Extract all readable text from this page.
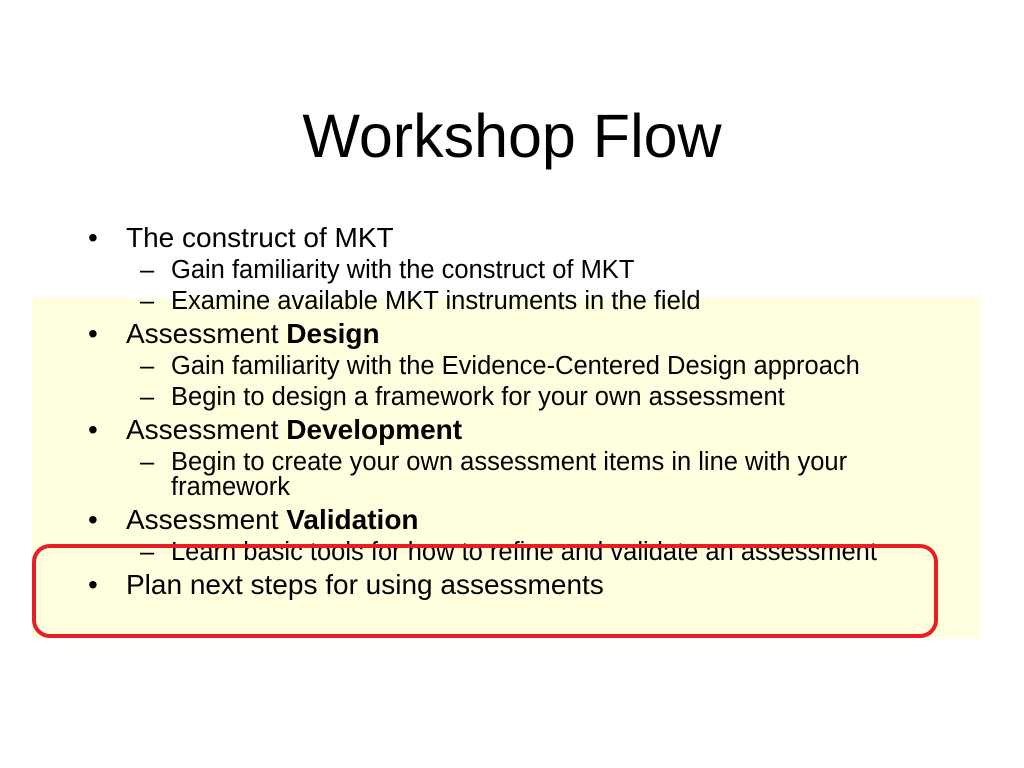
Workshop Flow
• The construct of MKT
– Gain familiarity with the construct of MKT
– Examine available MKT instruments in the field
• Assessment Design
– Gain familiarity with the Evidence-Centered Design approach
– Begin to design a framework for your own assessment
• Assessment Development
– Begin to create your own assessment items in line with your framework
• Assessment Validation
– Learn basic tools for how to refine and validate an assessment
• Plan next steps for using assessments
